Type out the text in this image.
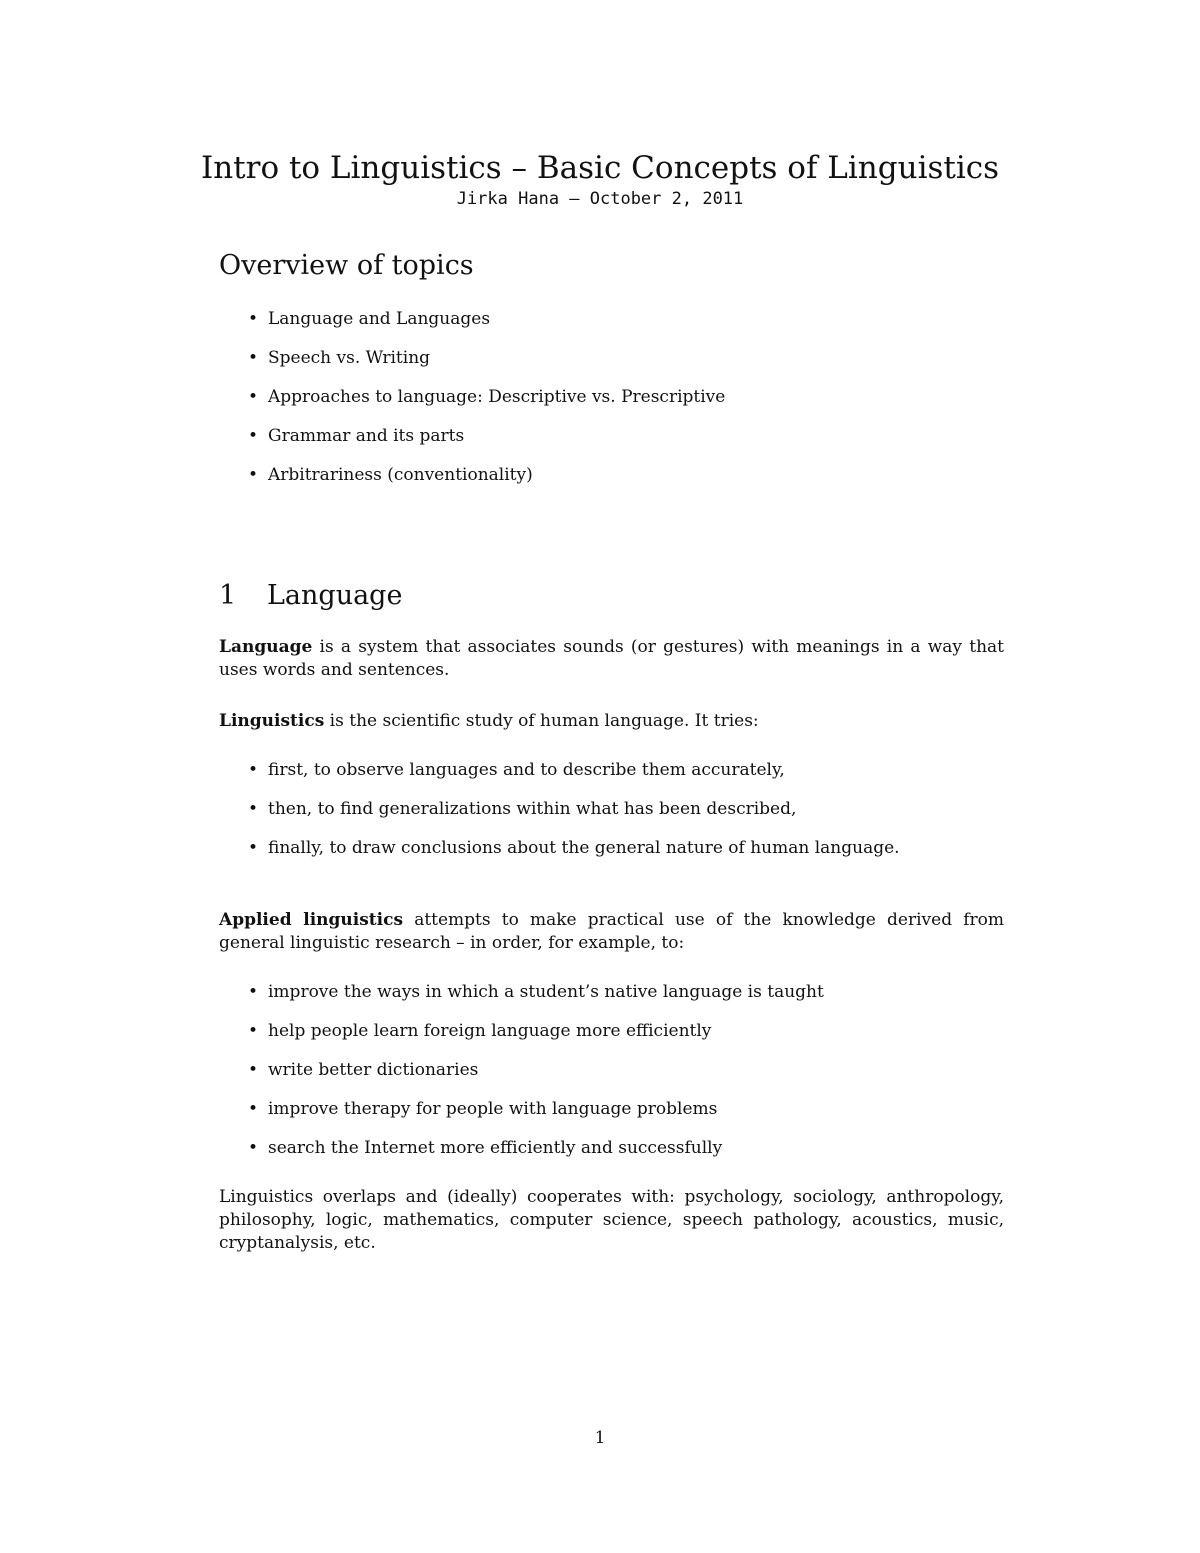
Intro to Linguistics – Basic Concepts of Linguistics
Jirka Hana – October 2, 2011
Overview of topics
• Language and Languages
• Speech vs. Writing
• Approaches to language: Descriptive vs. Prescriptive
• Grammar and its parts
• Arbitrariness (conventionality)
1 Language
Language is a system that associates sounds (or gestures) with meanings in a way that uses words and sentences.
Linguistics is the scientific study of human language. It tries:
• first, to observe languages and to describe them accurately,
• then, to find generalizations within what has been described,
• finally, to draw conclusions about the general nature of human language.
Applied linguistics attempts to make practical use of the knowledge derived from general linguistic research – in order, for example, to:
• improve the ways in which a student’s native language is taught
• help people learn foreign language more efficiently
• write better dictionaries
• improve therapy for people with language problems
• search the Internet more efficiently and successfully
Linguistics overlaps and (ideally) cooperates with: psychology, sociology, anthropology, philosophy, logic, mathematics, computer science, speech pathology, acoustics, music, cryptanalysis, etc.
1
